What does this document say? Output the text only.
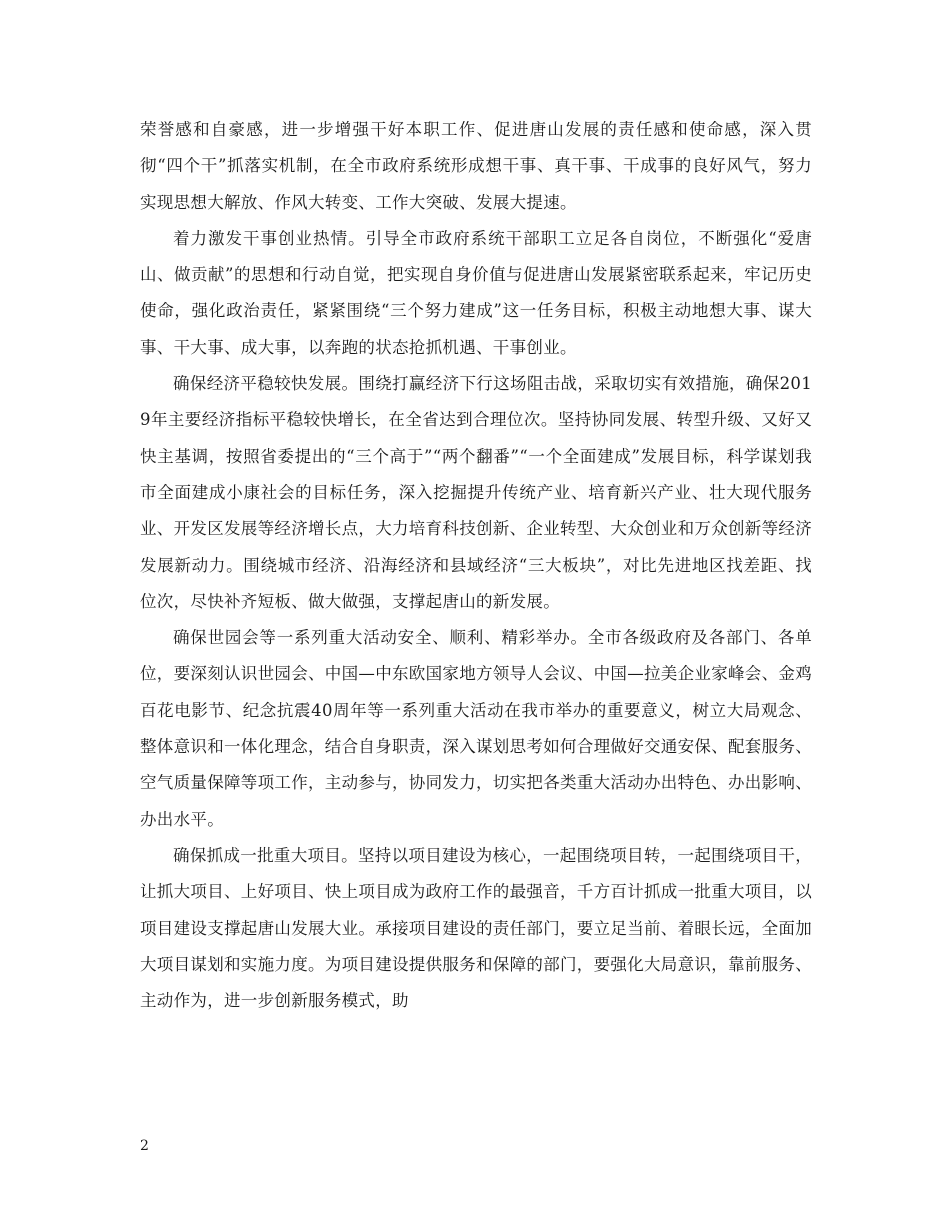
荣誉感和自豪感，进一步增强干好本职工作、促进唐山发展的责任感和使命感，深入贯彻“四个干”抓落实机制，在全市政府系统形成想干事、真干事、干成事的良好风气，努力实现思想大解放、作风大转变、工作大突破、发展大提速。

着力激发干事创业热情。引导全市政府系统干部职工立足各自岗位，不断强化“爱唐山、做贡献”的思想和行动自觉，把实现自身价值与促进唐山发展紧密联系起来，牢记历史使命，强化政治责任，紧紧围绕“三个努力建成”这一任务目标，积极主动地想大事、谋大事、干大事、成大事，以奔跑的状态抢抓机遇、干事创业。

确保经济平稳较快发展。围绕打赢经济下行这场阻击战，采取切实有效措施，确保2019年主要经济指标平稳较快增长，在全省达到合理位次。坚持协同发展、转型升级、又好又快主基调，按照省委提出的“三个高于”“两个翻番”“一个全面建成”发展目标，科学谋划我市全面建成小康社会的目标任务，深入挖掘提升传统产业、培育新兴产业、壮大现代服务业、开发区发展等经济增长点，大力培育科技创新、企业转型、大众创业和万众创新等经济发展新动力。围绕城市经济、沿海经济和县域经济“三大板块”，对比先进地区找差距、找位次，尽快补齐短板、做大做强，支撑起唐山的新发展。

确保世园会等一系列重大活动安全、顺利、精彩举办。全市各级政府及各部门、各单位，要深刻认识世园会、中国—中东欧国家地方领导人会议、中国—拉美企业家峰会、金鸡百花电影节、纪念抗震40周年等一系列重大活动在我市举办的重要意义，树立大局观念、整体意识和一体化理念，结合自身职责，深入谋划思考如何合理做好交通安保、配套服务、空气质量保障等项工作，主动参与，协同发力，切实把各类重大活动办出特色、办出影响、办出水平。

确保抓成一批重大项目。坚持以项目建设为核心，一起围绕项目转，一起围绕项目干，让抓大项目、上好项目、快上项目成为政府工作的最强音，千方百计抓成一批重大项目，以项目建设支撑起唐山发展大业。承接项目建设的责任部门，要立足当前、着眼长远，全面加大项目谋划和实施力度。为项目建设提供服务和保障的部门，要强化大局意识，靠前服务、主动作为，进一步创新服务模式，助

2
